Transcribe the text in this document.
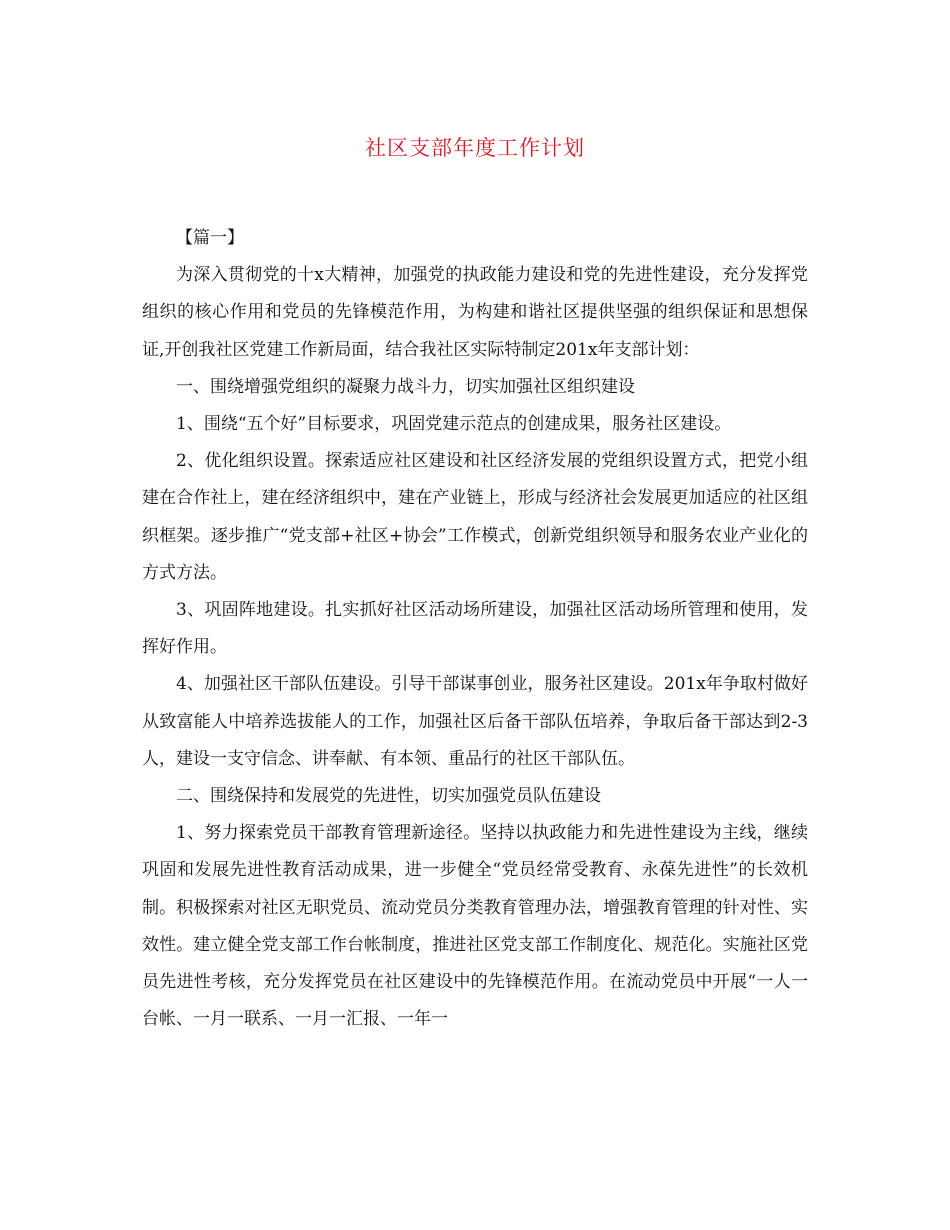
社区支部年度工作计划

【篇一】

为深入贯彻党的十x大精神，加强党的执政能力建设和党的先进性建设，充分发挥党组织的核心作用和党员的先锋模范作用，为构建和谐社区提供坚强的组织保证和思想保证,开创我社区党建工作新局面，结合我社区实际特制定201x年支部计划：

一、围绕增强党组织的凝聚力战斗力，切实加强社区组织建设

1、围绕“五个好”目标要求，巩固党建示范点的创建成果，服务社区建设。

2、优化组织设置。探索适应社区建设和社区经济发展的党组织设置方式，把党小组建在合作社上，建在经济组织中，建在产业链上，形成与经济社会发展更加适应的社区组织框架。逐步推广“党支部+社区+协会”工作模式，创新党组织领导和服务农业产业化的方式方法。

3、巩固阵地建设。扎实抓好社区活动场所建设，加强社区活动场所管理和使用，发挥好作用。

4、加强社区干部队伍建设。引导干部谋事创业，服务社区建设。201x年争取村做好从致富能人中培养选拔能人的工作，加强社区后备干部队伍培养，争取后备干部达到2-3人，建设一支守信念、讲奉献、有本领、重品行的社区干部队伍。

二、围绕保持和发展党的先进性，切实加强党员队伍建设

1、努力探索党员干部教育管理新途径。坚持以执政能力和先进性建设为主线，继续巩固和发展先进性教育活动成果，进一步健全“党员经常受教育、永葆先进性”的长效机制。积极探索对社区无职党员、流动党员分类教育管理办法，增强教育管理的针对性、实效性。建立健全党支部工作台帐制度，推进社区党支部工作制度化、规范化。实施社区党员先进性考核，充分发挥党员在社区建设中的先锋模范作用。在流动党员中开展“一人一台帐、一月一联系、一月一汇报、一年一
